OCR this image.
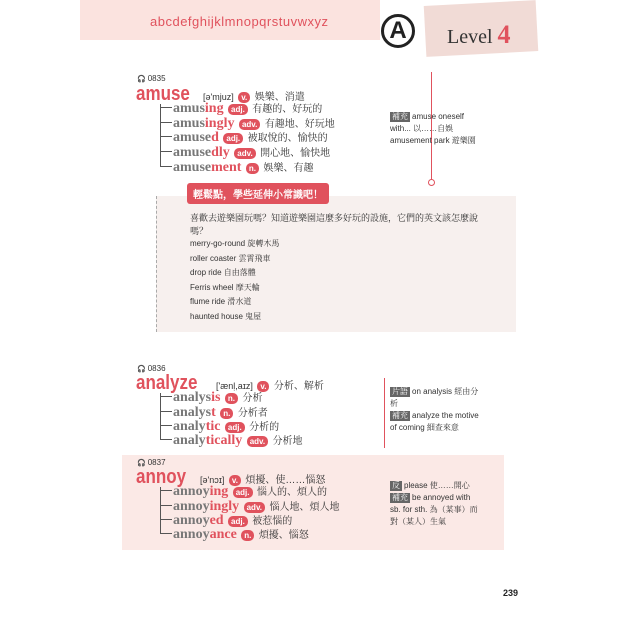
abcdefghijklmnopqrstuvwxyz	A	Level 4
🎧 0835
amuse [ə'mjuz] v. 娛樂、消遣
amusing adj. 有趣的、好玩的
amusingly adv. 有趣地、好玩地
amused adj. 被取悅的、愉快的
amusedly adv. 開心地、愉快地
amusement n. 娛樂、有趣
補充 amuse oneself
with... 以……自娛
amusement park 遊樂園
輕鬆點，學些延伸小常識吧！
喜歡去遊樂園玩嗎？知道遊樂園這麼多好玩的設施，它們的英文該怎麼說嗎？
merry-go-round 旋轉木馬
roller coaster 雲霄飛車
drop ride 自由落體
Ferris wheel 摩天輪
flume ride 滑水道
haunted house 鬼屋
🎧 0836
analyze ['ænḷ,aɪz] v. 分析、解析
analysis n. 分析
analyst n. 分析者
analytic adj. 分析的
analytically adv. 分析地
片語 on analysis 經由分
析
補充 analyze the motive
of coming 細查來意
🎧 0837
annoy [ə'nɔɪ] v. 煩擾、使……惱怒
annoying adj. 惱人的、煩人的
annoyingly adv. 惱人地、煩人地
annoyed adj. 被惹惱的
annoyance n. 煩擾、惱怒
反 please 使……開心
補充 be annoyed with
sb. for sth. 為（某事）而
對（某人）生氣
239
